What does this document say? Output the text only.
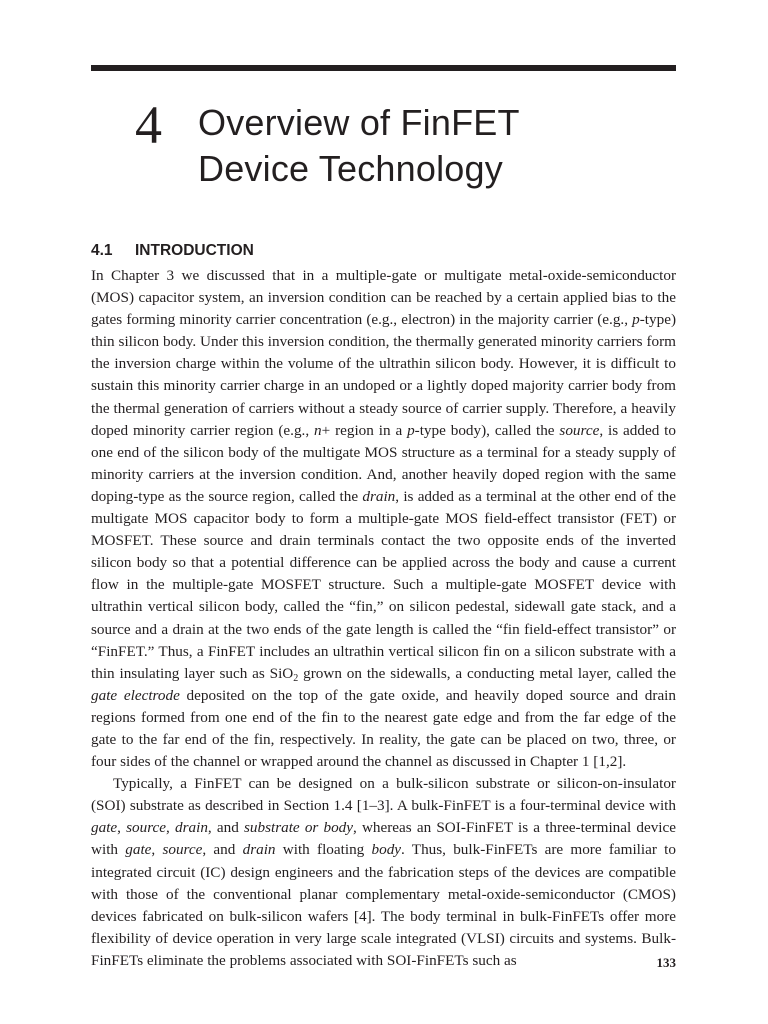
4 Overview of FinFET
Device Technology
4.1 INTRODUCTION

In Chapter 3 we discussed that in a multiple-gate or multigate metal-oxide-semiconductor (MOS) capacitor system, an inversion condition can be reached by a certain applied bias to the gates forming minority carrier concentration (e.g., electron) in the majority carrier (e.g., p-type) thin silicon body. Under this inversion condition, the thermally generated minority carriers form the inversion charge within the volume of the ultrathin silicon body. However, it is difficult to sustain this minority carrier charge in an undoped or a lightly doped majority carrier body from the thermal generation of carriers without a steady source of carrier supply. Therefore, a heavily doped minority carrier region (e.g., n+ region in a p-type body), called the source, is added to one end of the silicon body of the multigate MOS structure as a terminal for a steady supply of minority carriers at the inversion condition. And, another heavily doped region with the same doping-type as the source region, called the drain, is added as a terminal at the other end of the multigate MOS capacitor body to form a multiple-gate MOS field-effect transistor (FET) or MOSFET. These source and drain terminals contact the two opposite ends of the inverted silicon body so that a potential difference can be applied across the body and cause a current flow in the multiple-gate MOSFET structure. Such a multiple-gate MOSFET device with ultrathin vertical silicon body, called the “fin,” on silicon pedestal, sidewall gate stack, and a source and a drain at the two ends of the gate length is called the “fin field-effect transistor” or “FinFET.” Thus, a FinFET includes an ultrathin vertical silicon fin on a silicon substrate with a thin insulating layer such as SiO$_2$ grown on the sidewalls, a conducting metal layer, called the gate electrode deposited on the top of the gate oxide, and heavily doped source and drain regions formed from one end of the fin to the nearest gate edge and from the far edge of the gate to the far end of the fin, respectively. In reality, the gate can be placed on two, three, or four sides of the channel or wrapped around the channel as discussed in Chapter 1 [1,2].

Typically, a FinFET can be designed on a bulk-silicon substrate or silicon-on-insulator (SOI) substrate as described in Section 1.4 [1–3]. A bulk-FinFET is a four-terminal device with gate, source, drain, and substrate or body, whereas an SOI-FinFET is a three-terminal device with gate, source, and drain with floating body. Thus, bulk-FinFETs are more familiar to integrated circuit (IC) design engineers and the fabrication steps of the devices are compatible with those of the conventional planar complementary metal-oxide-semiconductor (CMOS) devices fabricated on bulk-silicon wafers [4]. The body terminal in bulk-FinFETs offer more flexibility of device operation in very large scale integrated (VLSI) circuits and systems. Bulk-FinFETs eliminate the problems associated with SOI-FinFETs such as	133
